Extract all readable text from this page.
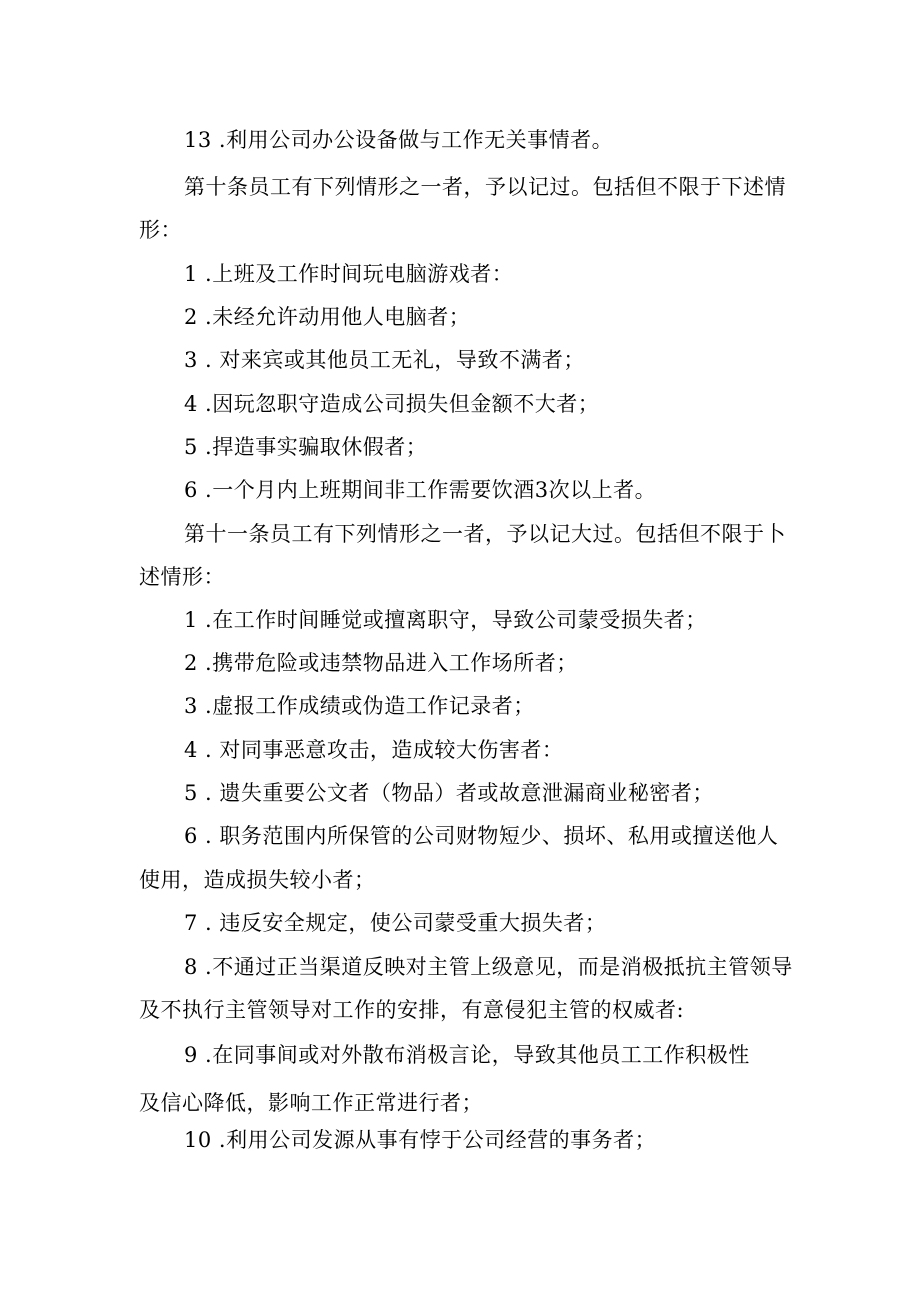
13 .利用公司办公设备做与工作无关事情者。
第十条员工有下列情形之一者，予以记过。包括但不限于下述情
形：
1 .上班及工作时间玩电脑游戏者：
2 .未经允许动用他人电脑者；
3 . 对来宾或其他员工无礼，导致不满者；
4 .因玩忽职守造成公司损失但金额不大者；
5 .捍造事实骗取休假者；
6 .一个月内上班期间非工作需要饮酒3次以上者。
第十一条员工有下列情形之一者，予以记大过。包括但不限于卜
述情形：
1 .在工作时间睡觉或擅离职守，导致公司蒙受损失者；
2 .携带危险或违禁物品进入工作场所者；
3 .虚报工作成绩或伪造工作记录者；
4 . 对同事恶意攻击，造成较大伤害者：
5 . 遗失重要公文者（物品）者或故意泄漏商业秘密者；
6 . 职务范围内所保管的公司财物短少、损坏、私用或擅送他人
使用，造成损失较小者；
7 . 违反安全规定，使公司蒙受重大损失者；
8 .不通过正当渠道反映对主管上级意见，而是消极抵抗主管领导
及不执行主管领导对工作的安排，有意侵犯主管的权威者:
9 .在同事间或对外散布消极言论，导致其他员工工作积极性
及信心降低，影响工作正常进行者；
10 .利用公司发源从事有悖于公司经营的事务者；
